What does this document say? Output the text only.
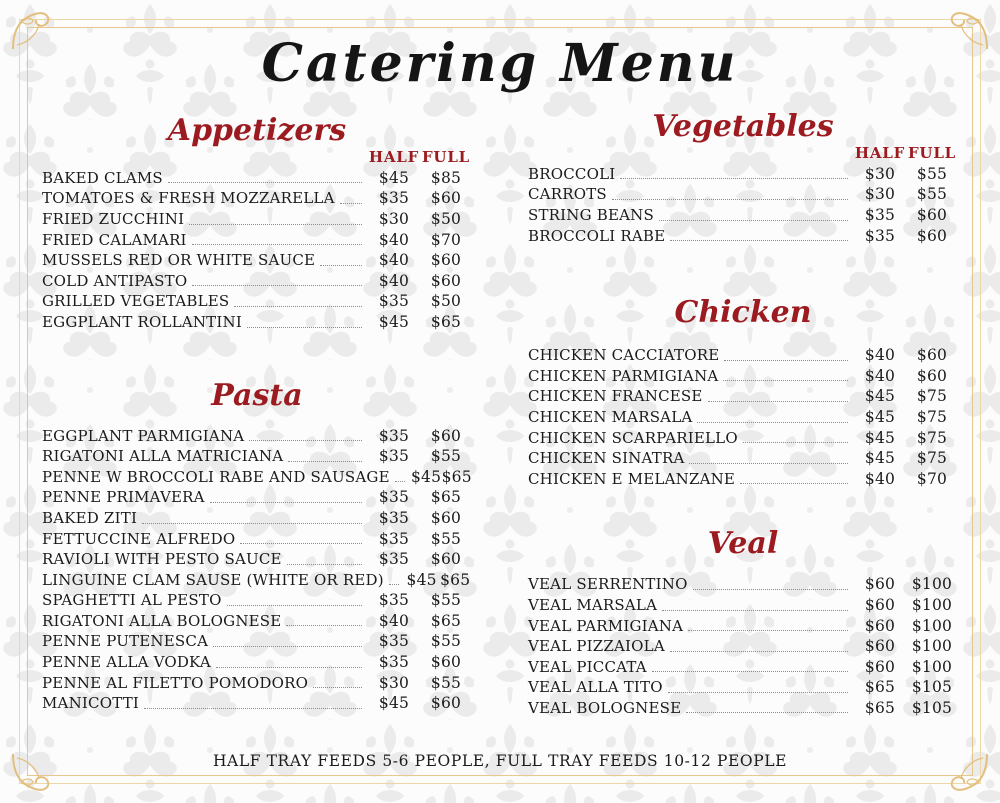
Catering Menu
Appetizers
HALF FULL
BAKED CLAMS	$45	$85
TOMATOES & FRESH MOZZARELLA	$35	$60
FRIED ZUCCHINI	$30	$50
FRIED CALAMARI	$40	$70
MUSSELS RED OR WHITE SAUCE	$40	$60
COLD ANTIPASTO	$40	$60
GRILLED VEGETABLES	$35	$50
EGGPLANT ROLLANTINI	$45	$65
Pasta
EGGPLANT PARMIGIANA	$35	$60
RIGATONI ALLA MATRICIANA	$35	$55
PENNE W BROCCOLI RABE AND SAUSAGE $45 $65
PENNE PRIMAVERA	$35	$65
BAKED ZITI	$35	$60
FETTUCCINE ALFREDO	$35	$55
RAVIOLI WITH PESTO SAUCE	$35	$60
LINGUINE CLAM SAUSE (WHITE OR RED) $45 $65
SPAGHETTI AL PESTO	$35	$55
RIGATONI ALLA BOLOGNESE	$40	$65
PENNE PUTENESCA	$35	$55
PENNE ALLA VODKA	$35	$60
PENNE AL FILETTO POMODORO	$30	$55
MANICOTTI	$45	$60
Vegetables
HALF FULL
BROCCOLI	$30	$55
CARROTS	$30	$55
STRING BEANS	$35	$60
BROCCOLI RABE	$35	$60
Chicken
CHICKEN CACCIATORE	$40	$60
CHICKEN PARMIGIANA	$40	$60
CHICKEN FRANCESE	$45	$75
CHICKEN MARSALA	$45	$75
CHICKEN SCARPARIELLO	$45	$75
CHICKEN SINATRA	$45	$75
CHICKEN E MELANZANE	$40	$70
Veal
VEAL SERRENTINO	$60	$100
VEAL MARSALA	$60	$100
VEAL PARMIGIANA	$60	$100
VEAL PIZZAIOLA	$60	$100
VEAL PICCATA	$60	$100
VEAL ALLA TITO	$65	$105
VEAL BOLOGNESE	$65	$105
HALF TRAY FEEDS 5-6 PEOPLE, FULL TRAY FEEDS 10-12 PEOPLE
